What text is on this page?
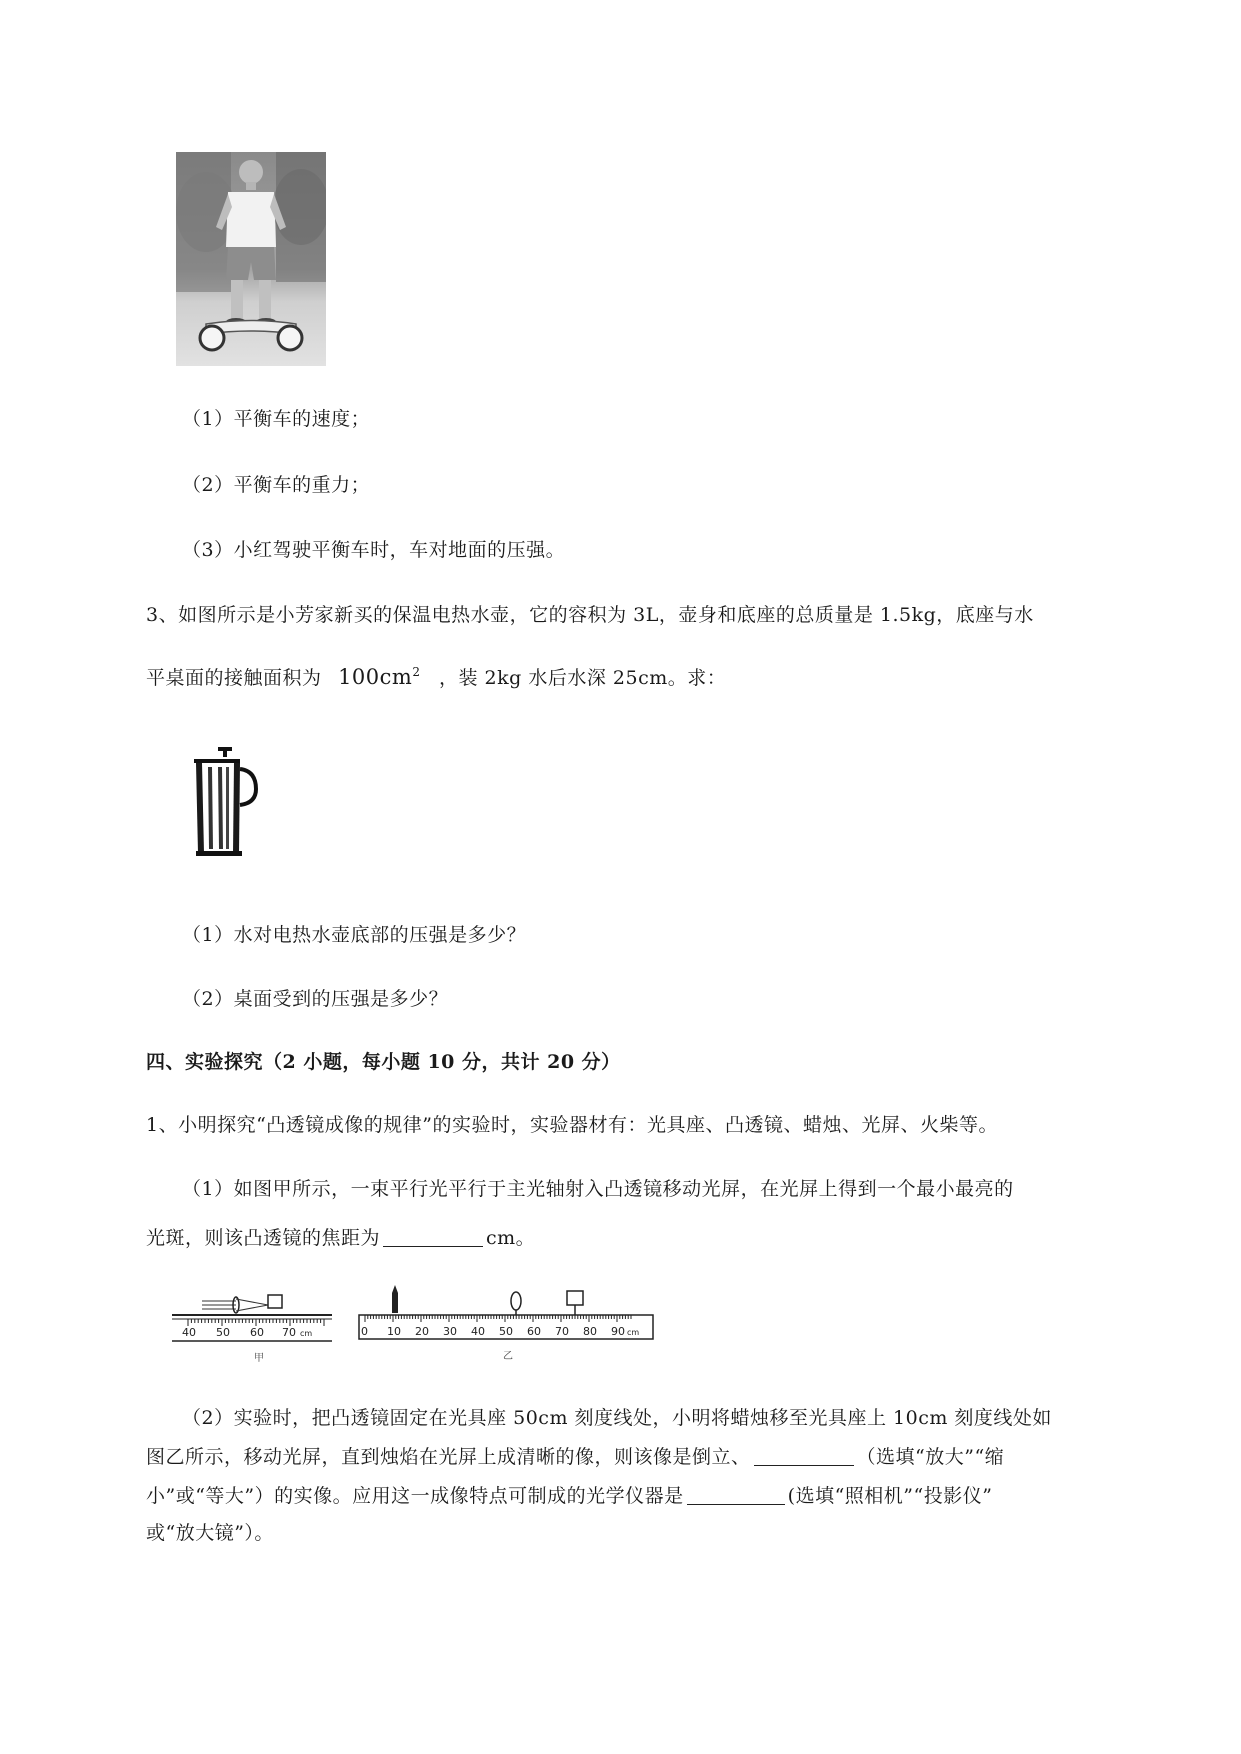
（1）平衡车的速度；
（2）平衡车的重力；
（3）小红驾驶平衡车时，车对地面的压强。
3、如图所示是小芳家新买的保温电热水壶，它的容积为 3L，壶身和底座的总质量是 1.5kg，底座与水
平桌面的接触面积为 $100cm^2$ ，装 2kg 水后水深 25cm。求：
（1）水对电热水壶底部的压强是多少？
（2）桌面受到的压强是多少？
四、实验探究（2 小题，每小题 10 分，共计 20 分）
1、小明探究“凸透镜成像的规律”的实验时，实验器材有：光具座、凸透镜、蜡烛、光屏、火柴等。
（1）如图甲所示，一束平行光平行于主光轴射入凸透镜移动光屏，在光屏上得到一个最小最亮的
光斑，则该凸透镜的焦距为	cm。
40 50 60 70 cm
甲
0 10 20 30 40 50 60 70 80 90 cm
乙
（2）实验时，把凸透镜固定在光具座 50cm 刻度线处，小明将蜡烛移至光具座上 10cm 刻度线处如
图乙所示，移动光屏，直到烛焰在光屏上成清晰的像，则该像是倒立、	（选填“放大”“缩
小”或“等大”）的实像。应用这一成像特点可制成的光学仪器是	(选填“照相机”“投影仪”
或“放大镜”）。
